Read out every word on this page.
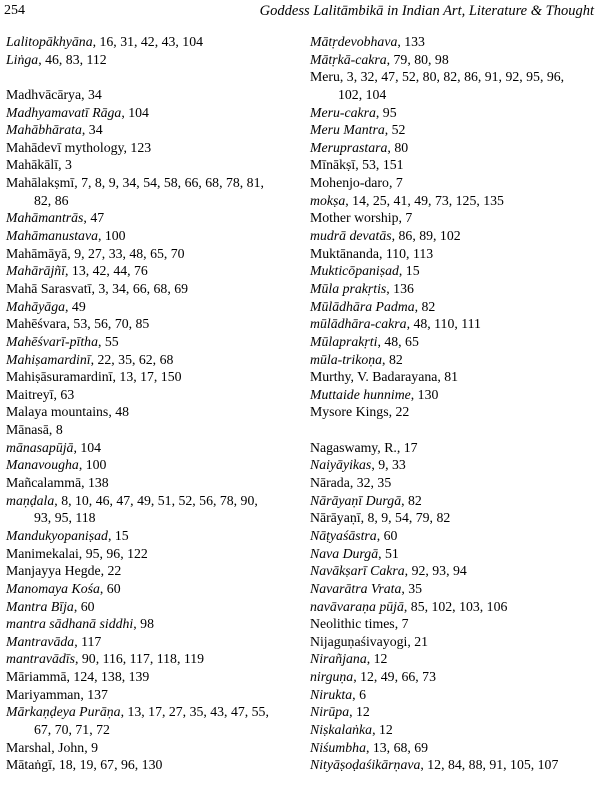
254	Goddess Lalitāmbikā in Indian Art, Literature & Thought
Lalitopākhyāna, 16, 31, 42, 43, 104
Liṅga, 46, 83, 112
Madhvācārya, 34
Madhyamavatī Rāga, 104
Mahābhārata, 34
Mahādevī mythology, 123
Mahākālī, 3
Mahālakṣmī, 7, 8, 9, 34, 54, 58, 66, 68, 78, 81,
82, 86
Mahāmantrās, 47
Mahāmanustava, 100
Mahāmāyā, 9, 27, 33, 48, 65, 70
Mahārājñī, 13, 42, 44, 76
Mahā Sarasvatī, 3, 34, 66, 68, 69
Mahāyāga, 49
Mahēśvara, 53, 56, 70, 85
Mahēśvarī-pītha, 55
Mahiṣamardinī, 22, 35, 62, 68
Mahiṣāsuramardinī, 13, 17, 150
Maitreyī, 63
Malaya mountains, 48
Mānasā, 8
mānasapūjā, 104
Manavougha, 100
Mañcalammā, 138
maṇḍala, 8, 10, 46, 47, 49, 51, 52, 56, 78, 90,
93, 95, 118
Mandukyopaniṣad, 15
Manimekalai, 95, 96, 122
Manjayya Hegde, 22
Manomaya Kośa, 60
Mantra Bīja, 60
mantra sādhanā siddhi, 98
Mantravāda, 117
mantravādīs, 90, 116, 117, 118, 119
Māriammā, 124, 138, 139
Mariyamman, 137
Mārkaṇḍeya Purāṇa, 13, 17, 27, 35, 43, 47, 55,
67, 70, 71, 72
Marshal, John, 9
Mātaṅgī, 18, 19, 67, 96, 130
Mātṛdevobhava, 133
Mātṛkā-cakra, 79, 80, 98
Meru, 3, 32, 47, 52, 80, 82, 86, 91, 92, 95, 96,
102, 104
Meru-cakra, 95
Meru Mantra, 52
Meruprastara, 80
Mīnākṣī, 53, 151
Mohenjo-daro, 7
mokṣa, 14, 25, 41, 49, 73, 125, 135
Mother worship, 7
mudrā devatās, 86, 89, 102
Muktānanda, 110, 113
Mukticōpaniṣad, 15
Mūla prakṛtis, 136
Mūlādhāra Padma, 82
mūlādhāra-cakra, 48, 110, 111
Mūlaprakṛti, 48, 65
mūla-trikoṇa, 82
Murthy, V. Badarayana, 81
Muttaide hunnime, 130
Mysore Kings, 22
Nagaswamy, R., 17
Naiyāyikas, 9, 33
Nārada, 32, 35
Nārāyaṇī Durgā, 82
Nārāyaṇī, 8, 9, 54, 79, 82
Nāṭyaśāstra, 60
Nava Durgā, 51
Navākṣarī Cakra, 92, 93, 94
Navarātra Vrata, 35
navāvaraṇa pūjā, 85, 102, 103, 106
Neolithic times, 7
Nijaguṇaśivayogi, 21
Nirañjana, 12
nirguṇa, 12, 49, 66, 73
Nirukta, 6
Nirūpa, 12
Niṣkalaṅka, 12
Niśumbha, 13, 68, 69
Nityāṣoḍaśikārṇava, 12, 84, 88, 91, 105, 107
